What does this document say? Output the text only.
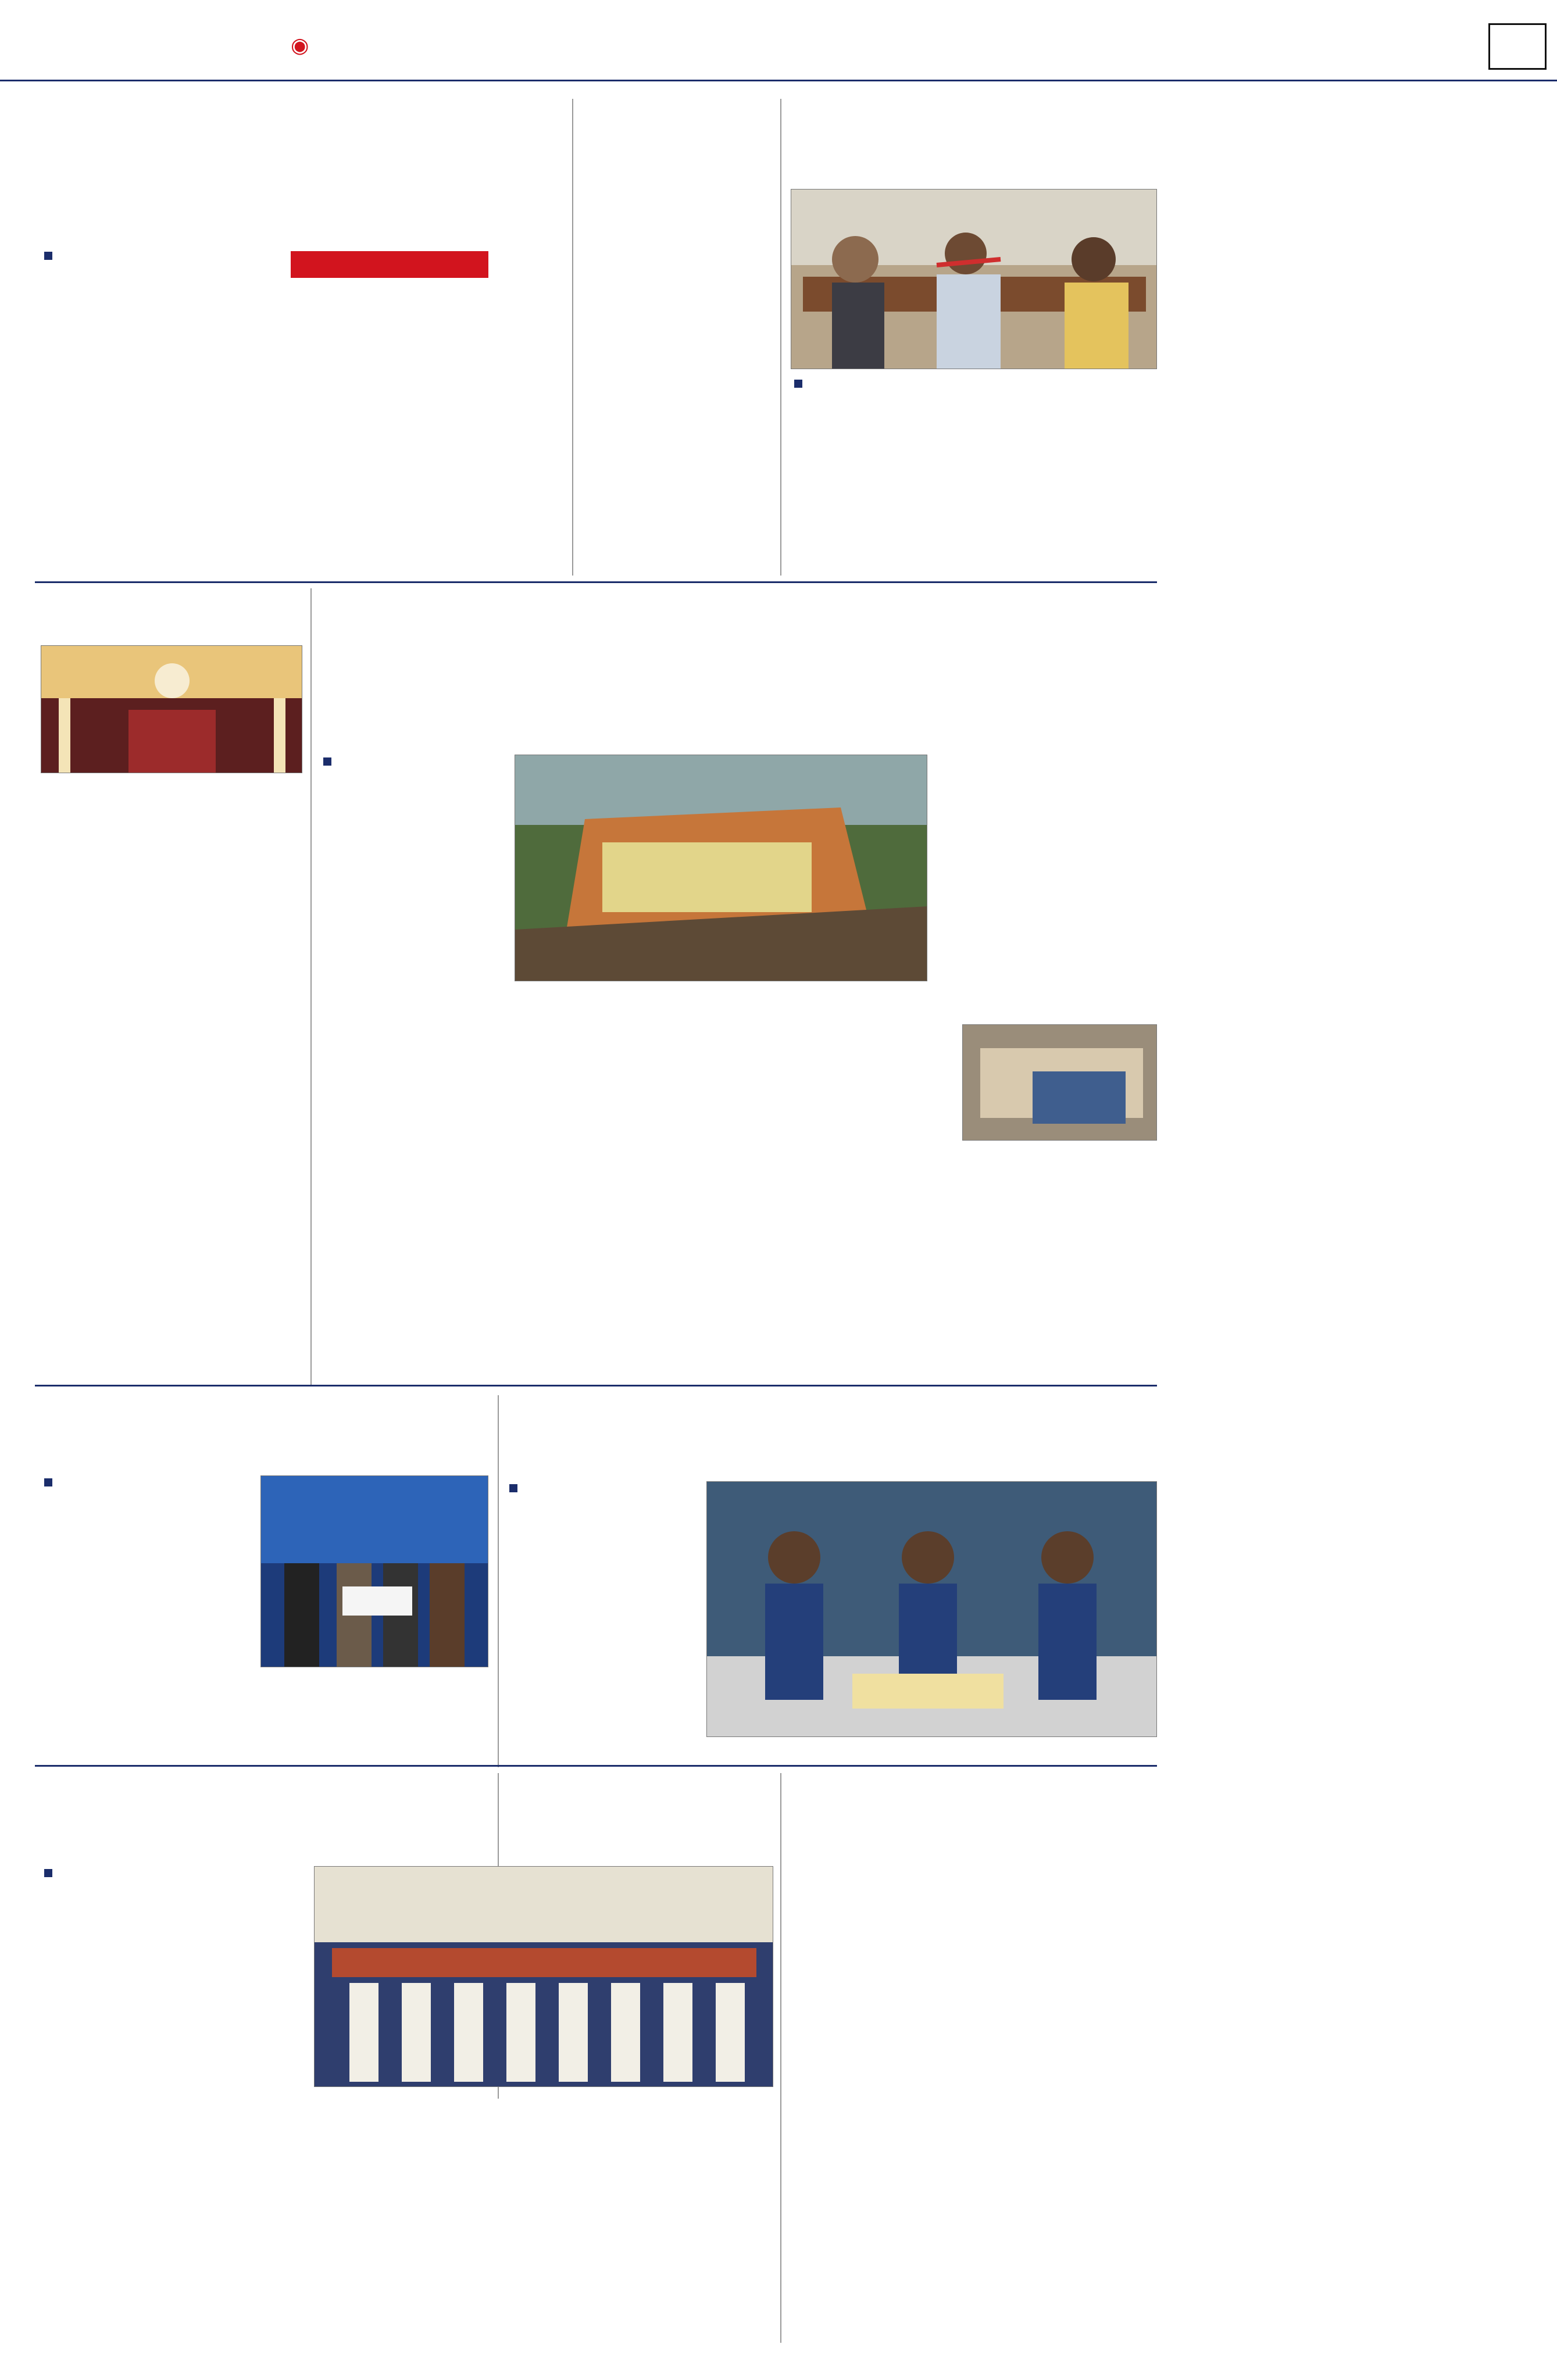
◉
